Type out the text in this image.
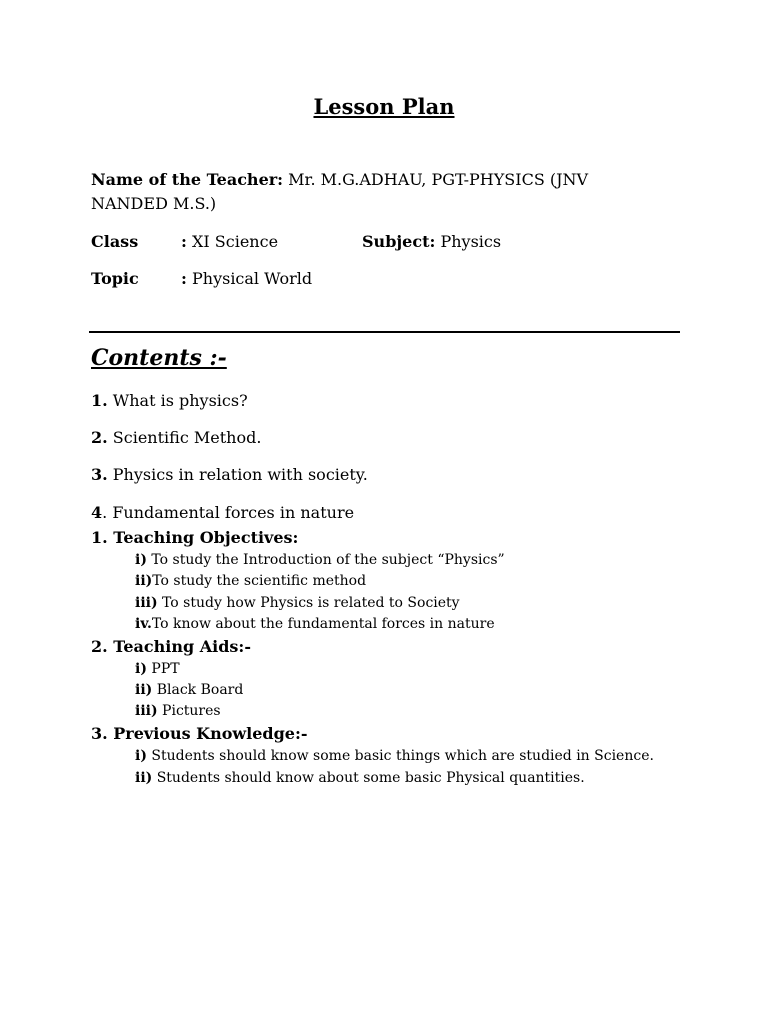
Lesson Plan
Name of the Teacher: Mr. M.G.ADHAU, PGT-PHYSICS (JNV
NANDED M.S.)
Class	: XI Science	Subject: Physics
Topic	: Physical World
Contents :-
1. What is physics?
2. Scientific Method.
3. Physics in relation with society.
4. Fundamental forces in nature
1. Teaching Objectives:
i) To study the Introduction of the subject “Physics”
ii)To study the scientific method
iii) To study how Physics is related to Society
iv.To know about the fundamental forces in nature
2. Teaching Aids:-
i) PPT
ii) Black Board
iii) Pictures
3. Previous Knowledge:-
i) Students should know some basic things which are studied in Science.
ii) Students should know about some basic Physical quantities.
